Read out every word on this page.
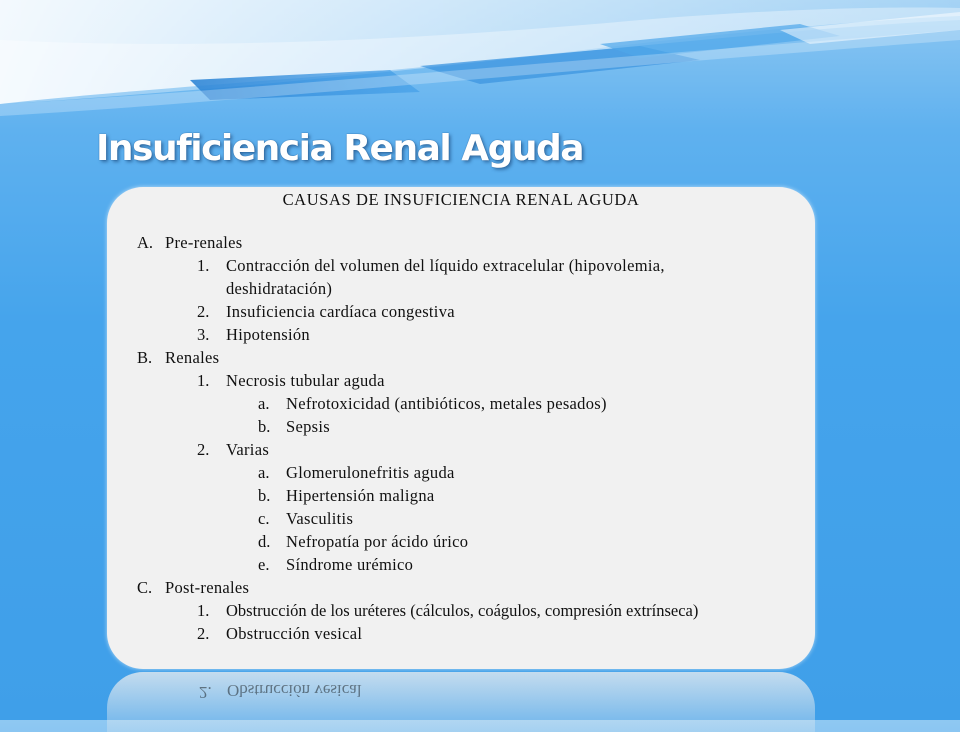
Insuficiencia Renal Aguda
CAUSAS DE INSUFICIENCIA RENAL AGUDA
A. Pre-renales
1. Contracción del volumen del líquido extracelular (hipovolemia,
deshidratación)
2. Insuficiencia cardíaca congestiva
3. Hipotensión
B. Renales
1. Necrosis tubular aguda
a. Nefrotoxicidad (antibióticos, metales pesados)
b. Sepsis
2. Varias
a. Glomerulonefritis aguda
b. Hipertensión maligna
c. Vasculitis
d. Nefropatía por ácido úrico
e. Síndrome urémico
C. Post-renales
1. Obstrucción de los uréteres (cálculos, coágulos, compresión extrínseca)
2. Obstrucción vesical
2. Obstrucción vesical
